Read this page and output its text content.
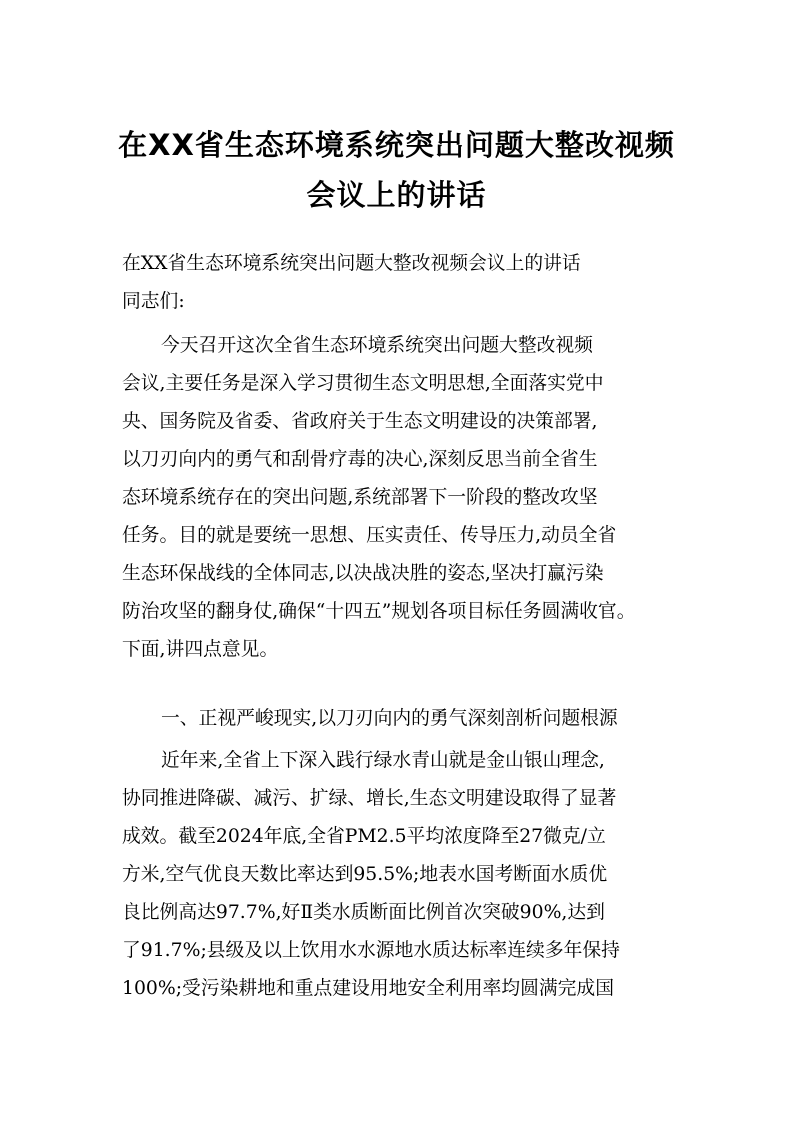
在XX省生态环境系统突出问题大整改视频
会议上的讲话
在XX省生态环境系统突出问题大整改视频会议上的讲话
同志们:
今天召开这次全省生态环境系统突出问题大整改视频
会议,主要任务是深入学习贯彻生态文明思想,全面落实党中
央、国务院及省委、省政府关于生态文明建设的决策部署,
以刀刃向内的勇气和刮骨疗毒的决心,深刻反思当前全省生
态环境系统存在的突出问题,系统部署下一阶段的整改攻坚
任务。目的就是要统一思想、压实责任、传导压力,动员全省
生态环保战线的全体同志,以决战决胜的姿态,坚决打赢污染
防治攻坚的翻身仗,确保“十四五”规划各项目标任务圆满收官。
下面,讲四点意见。
一、正视严峻现实,以刀刃向内的勇气深刻剖析问题根源
近年来,全省上下深入践行绿水青山就是金山银山理念,
协同推进降碳、减污、扩绿、增长,生态文明建设取得了显著
成效。截至2024年底,全省PM2.5平均浓度降至27微克/立
方米,空气优良天数比率达到95.5%;地表水国考断面水质优
良比例高达97.7%,好Ⅱ类水质断面比例首次突破90%,达到
了91.7%;县级及以上饮用水水源地水质达标率连续多年保持
100%;受污染耕地和重点建设用地安全利用率均圆满完成国
